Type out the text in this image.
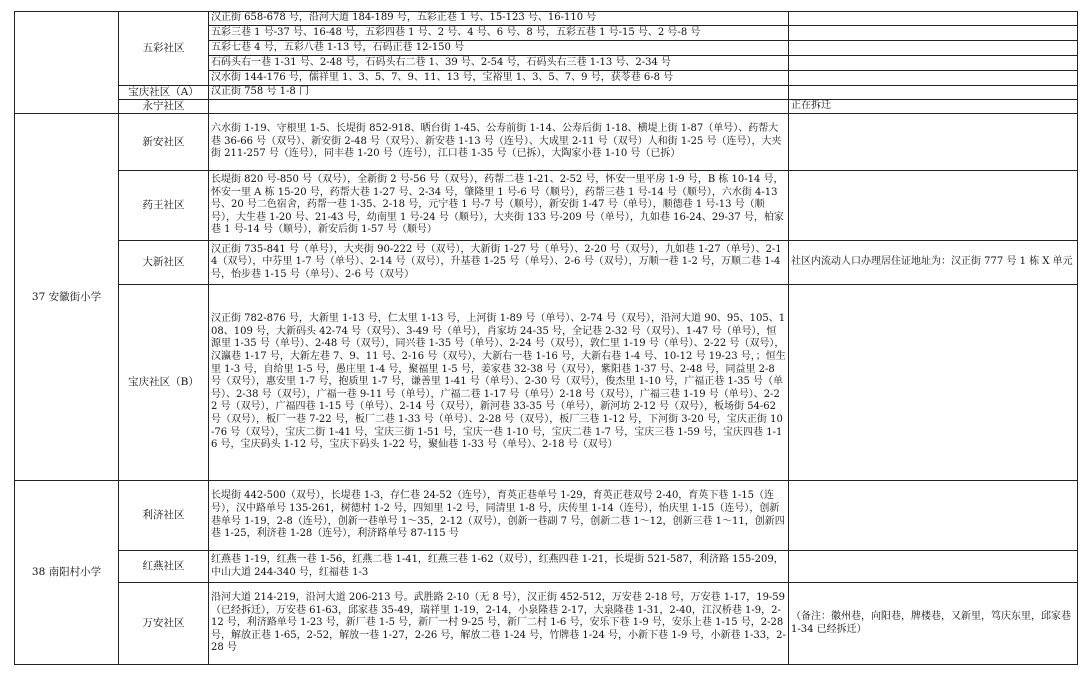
	五彩社区	汉正街 658-678 号，沿河大道 184-189 号，五彩正巷 1 号、15-123 号、16-110 号	
		五彩三巷 1 号-37 号、16-48 号，五彩四巷 1 号、2 号、4 号、6 号、8 号，五彩五巷 1 号-15 号、2 号-8 号	
		五彩七巷 4 号，五彩八巷 1-13 号，石码正巷 12-150 号	
		石码头右一巷 1-31 号、2-48 号，石码头右二巷 1、39 号、2-54 号，石码头右三巷 1-13 号、2-34 号	
		汉水街 144-176 号，儒祥里 1、3、5、7、9、11、13 号，宝裕里 1、3、5、7、9 号，获苓巷 6-8 号	
	宝庆社区（A）	汉正街 758 号 1-8 门	
	永宁社区		正在拆迁
37 安徽街小学	新安社区	六水街 1-19、守根里 1-5、长堤街 852-918、晒台街 1-45、公寿前街 1-14、公寿后街 1-18、横堤上街 1-87（单号）、药帮大巷 36-66 号（双号）、新安街 2-48 号（双号）、新安巷 1-13 号（连号）、大成里 2-11 号（双号）人和街 1-25 号（连号），大夹街 211-257 号（连号），同丰巷 1-20 号（连号），江口巷 1-35 号（已拆），大陶家小巷 1-10 号（已拆）	
	药王社区	长堤街 820 号-850 号（双号），全新街 2 号-56 号（双号），药帮二巷 1-21、2-52 号，怀安一里平房 1-9 号，B 栋 10-14 号，怀安一里 A 栋 15-20 号，药帮大巷 1-27 号、2-34 号，肇隆里 1 号-6 号（顺号），药帮三巷 1 号-14 号（顺号），六水街 4-13 号、20 号二色宿舍，药帮一巷 1-35、2-18 号，元宁巷 1 号-7 号（顺号），新安街 1-47 号（单号），顺德巷 1 号-13 号（顺号），大生巷 1-20 号、21-43 号，幼南里 1 号-24 号（顺号），大夹街 133 号-209 号（单号），九如巷 16-24、29-37 号，柏家巷 1 号-14 号（顺号），新安后街 1-57 号（顺号）	
	大新社区	汉正街 735-841 号（单号），大夹街 90-222 号（双号），大新街 1-27 号（单号）、2-20 号（双号），九如巷 1-27（单号）、2-14（双号），中芬里 1-7 号（单号）、2-14 号（双号），升基巷 1-25 号（单号）、2-6 号（双号），万顺一巷 1-2 号，万顺二巷 1-4 号，怡步巷 1-15 号（单号）、2-6 号（双号）	社区内流动人口办理居住证地址为：汉正街 777 号 1 栋 X 单元
	宝庆社区（B）	汉正街 782-876 号，大新里 1-13 号，仁太里 1-13 号，上河街 1-89 号（单号）、2-74 号（双号），沿河大道 90、95、105、108、109 号，大新码头 42-74 号（双号）、3-49 号（单号），肖家坊 24-35 号，全记巷 2-32 号（双号）、1-47 号（单号），恒源里 1-35 号（单号）、2-48 号（双号），同兴巷 1-35 号（单号）、2-24 号（双号），敦仁里 1-19 号（单号）、2-22 号（双号），汉瀛巷 1-17 号，大新左巷 7、9、11 号、2-16 号（双号），大新右一巷 1-16 号，大新右巷 1-4 号、10-12 号 19-23 号，；恒生里 1-3 号，自给里 1-5 号，愚庄里 1-4 号，聚福里 1-5 号，姜家巷 32-38 号（双号），紫阳巷 1-37 号、2-48 号，同益里 2-8 号（双号），惠安里 1-7 号，抱质里 1-7 号，谦善里 1-41 号（单号）、2-30 号（双号），俊杰里 1-10 号，广福正巷 1-35 号（单号）、2-38 号（双号），广福一巷 9-11 号（单号），广福二巷 1-17 号（单号）2-18 号（双号），广福三巷 1-19 号（单号）、2-22 号（双号），广福四巷 1-15 号（单号）、2-14 号（双号），新河巷 33-35 号（单号），新河坊 2-12 号（双号），板场街 54-62 号（双号），板厂一巷 7-22 号，板厂二巷 1-33 号（单号）、2-28 号（双号），板厂三巷 1-12 号，下河街 3-20 号，宝庆正街 10-76 号（双号），宝庆二街 1-41 号，宝庆三街 1-51 号，宝庆一巷 1-10 号，宝庆二巷 1-7 号，宝庆三巷 1-59 号，宝庆四巷 1-16 号，宝庆码头 1-12 号，宝庆下码头 1-22 号，聚仙巷 1-33 号（单号）、2-18 号（双号）	
38 南阳村小学	利济社区	长堤街 442-500（双号），长堤巷 1-3，存仁巷 24-52（连号），育英正巷单号 1-29，育英正巷双号 2-40，育英下巷 1-15（连号），汉中路单号 135-261，树德村 1-2 号，四知里 1-2 号，同清里 1-8 号，庆传里 1-14（连号），怡庆里 1-15（连号），创新巷单号 1-19，2-8（连号），创新一巷单号 1～35，2-12（双号），创新一巷副 7 号，创新二巷 1～12，创新三巷 1～11，创新四巷 1-25，利济巷 1-28（连号），利济路单号 87-115 号	
	红燕社区	红燕巷 1-19，红燕一巷 1-56，红燕二巷 1-41，红燕三巷 1-62（双号），红燕四巷 1-21，长堤街 521-587，利济路 155-209，中山大道 244-340 号，红福巷 1-3	
	万安社区	沿河大道 214-219，沿河大道 206-213 号。武胜路 2-10（无 8 号），汉正街 452-512，万安巷 2-18 号，万安巷 1-17，19-59（已经拆迁），万安巷 61-63，邱家巷 35-49，瑞祥里 1-19，2-14，小泉隆巷 2-17，大泉隆巷 1-31，2-40，江汉桥巷 1-9，2-12 号，利济路单号 1-23 号，新厂巷 1-5 号，新厂一村 9-25 号，新厂二村 1-6 号，安乐下巷 1-9 号，安乐上巷 1-15 号，2-28 号，解放正巷 1-65，2-52，解放一巷 1-27，2-26 号，解放二巷 1-24 号，竹牌巷 1-24 号，小新下巷 1-9 号，小新巷 1-33，2-28 号	（备注：徽州巷，向阳巷，牌楼巷，又新里，笃庆东里，邱家巷 1-34 已经拆迁）
